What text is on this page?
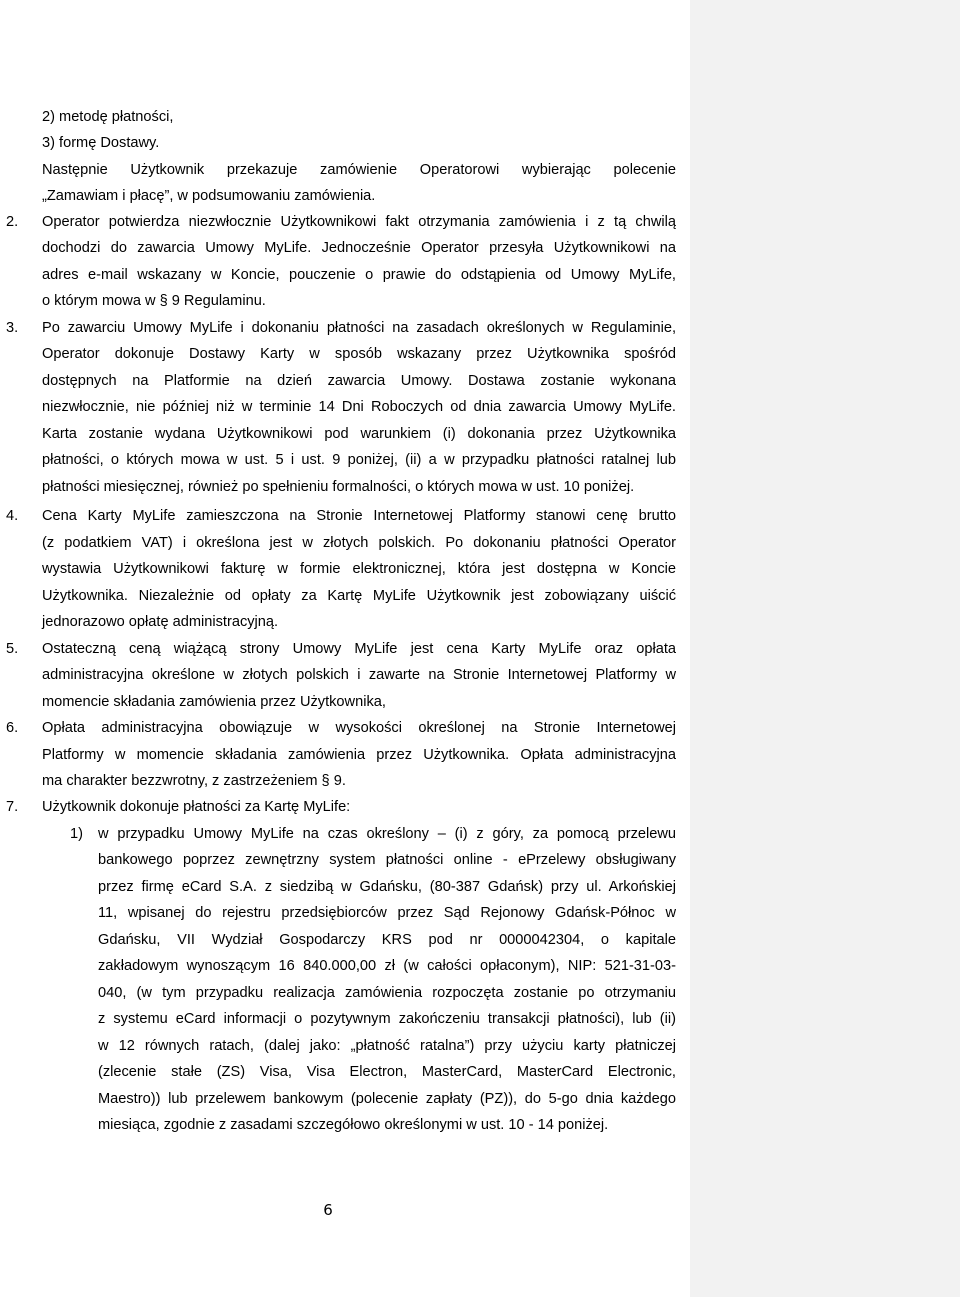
2) metodę płatności,
3) formę Dostawy.
Następnie Użytkownik przekazuje zamówienie Operatorowi wybierając polecenie
„Zamawiam i płacę”, w podsumowaniu zamówienia.
2. Operator potwierdza niezwłocznie Użytkownikowi fakt otrzymania zamówienia i z tą chwilą
dochodzi do zawarcia Umowy MyLife. Jednocześnie Operator przesyła Użytkownikowi na
adres e-mail wskazany w Koncie, pouczenie o prawie do odstąpienia od Umowy MyLife,
o którym mowa w § 9 Regulaminu.
3. Po zawarciu Umowy MyLife i dokonaniu płatności na zasadach określonych w Regulaminie,
Operator dokonuje Dostawy Karty w sposób wskazany przez Użytkownika spośród
dostępnych na Platformie na dzień zawarcia Umowy. Dostawa zostanie wykonana
niezwłocznie, nie później niż w terminie 14 Dni Roboczych od dnia zawarcia Umowy MyLife.
Karta zostanie wydana Użytkownikowi pod warunkiem (i) dokonania przez Użytkownika
płatności, o których mowa w ust. 5 i ust. 9 poniżej, (ii) a w przypadku płatności ratalnej lub
płatności miesięcznej, również po spełnieniu formalności, o których mowa w ust. 10 poniżej.
4. Cena Karty MyLife zamieszczona na Stronie Internetowej Platformy stanowi cenę brutto
(z podatkiem VAT) i określona jest w złotych polskich. Po dokonaniu płatności Operator
wystawia Użytkownikowi fakturę w formie elektronicznej, która jest dostępna w Koncie
Użytkownika. Niezależnie od opłaty za Kartę MyLife Użytkownik jest zobowiązany uiścić
jednorazowo opłatę administracyjną.
5. Ostateczną ceną wiążącą strony Umowy MyLife jest cena Karty MyLife oraz opłata
administracyjna określone w złotych polskich i zawarte na Stronie Internetowej Platformy w
momencie składania zamówienia przez Użytkownika,
6. Opłata administracyjna obowiązuje w wysokości określonej na Stronie Internetowej
Platformy w momencie składania zamówienia przez Użytkownika. Opłata administracyjna
ma charakter bezzwrotny, z zastrzeżeniem § 9.
7. Użytkownik dokonuje płatności za Kartę MyLife:
1) w przypadku Umowy MyLife na czas określony – (i) z góry, za pomocą przelewu
bankowego poprzez zewnętrzny system płatności online - ePrzelewy obsługiwany
przez firmę eCard S.A. z siedzibą w Gdańsku, (80-387 Gdańsk) przy ul. Arkońskiej
11, wpisanej do rejestru przedsiębiorców przez Sąd Rejonowy Gdańsk-Północ w
Gdańsku, VII Wydział Gospodarczy KRS pod nr 0000042304, o kapitale
zakładowym wynoszącym 16 840.000,00 zł (w całości opłaconym), NIP: 521-31-03-
040, (w tym przypadku realizacja zamówienia rozpoczęta zostanie po otrzymaniu
z systemu eCard informacji o pozytywnym zakończeniu transakcji płatności), lub (ii)
w 12 równych ratach, (dalej jako: „płatność ratalna”) przy użyciu karty płatniczej
(zlecenie stałe (ZS) Visa, Visa Electron, MasterCard, MasterCard Electronic,
Maestro)) lub przelewem bankowym (polecenie zapłaty (PZ)), do 5-go dnia każdego
miesiąca, zgodnie z zasadami szczegółowo określonymi w ust. 10 - 14 poniżej.
6
